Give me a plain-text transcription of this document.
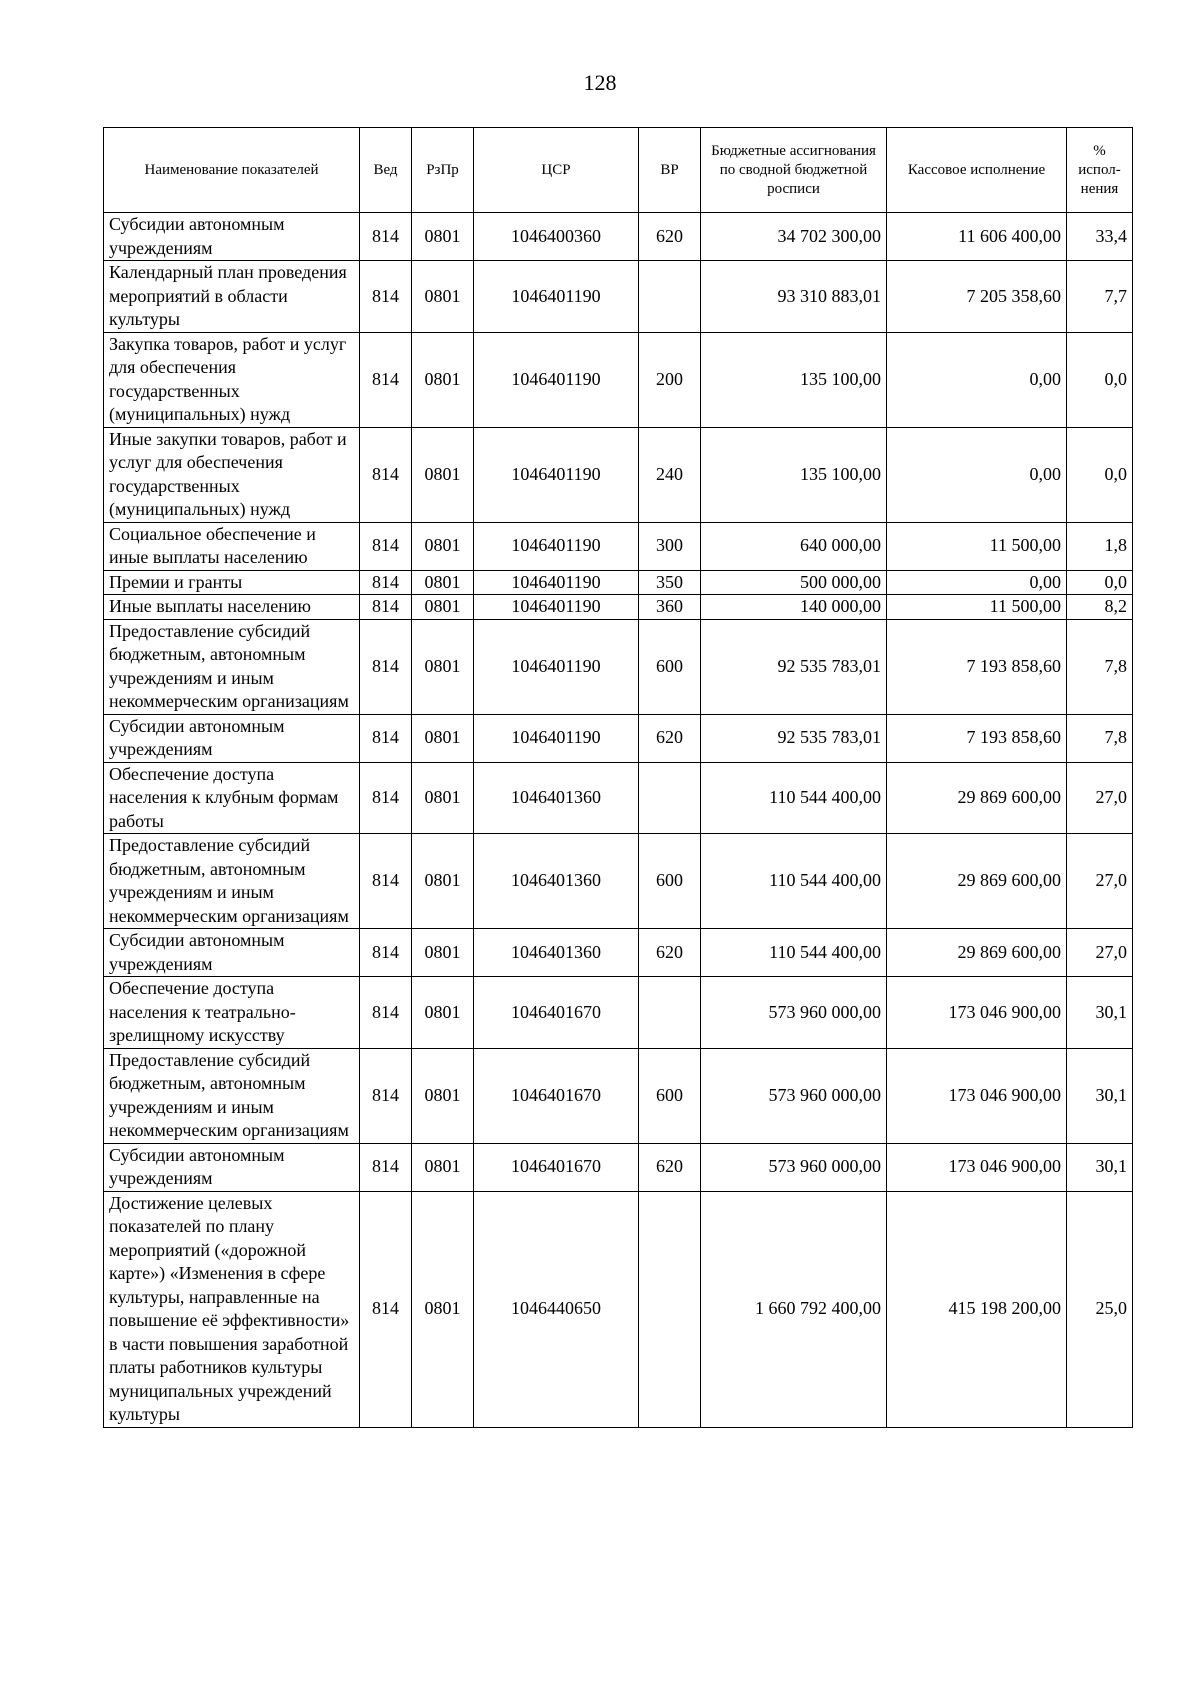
128
Наименование показателей	Вед	РзПр	ЦСР	ВР	Бюджетные ассигнования по сводной бюджетной росписи	Кассовое исполнение	% испол-нения
Субсидии автономным учреждениям	814	0801	1046400360	620	34 702 300,00	11 606 400,00	33,4
Календарный план проведения мероприятий в области культуры	814	0801	1046401190		93 310 883,01	7 205 358,60	7,7
Закупка товаров, работ и услуг для обеспечения государственных (муниципальных) нужд	814	0801	1046401190	200	135 100,00	0,00	0,0
Иные закупки товаров, работ и услуг для обеспечения государственных (муниципальных) нужд	814	0801	1046401190	240	135 100,00	0,00	0,0
Социальное обеспечение и иные выплаты населению	814	0801	1046401190	300	640 000,00	11 500,00	1,8
Премии и гранты	814	0801	1046401190	350	500 000,00	0,00	0,0
Иные выплаты населению	814	0801	1046401190	360	140 000,00	11 500,00	8,2
Предоставление субсидий бюджетным, автономным учреждениям и иным некоммерческим организациям	814	0801	1046401190	600	92 535 783,01	7 193 858,60	7,8
Субсидии автономным учреждениям	814	0801	1046401190	620	92 535 783,01	7 193 858,60	7,8
Обеспечение доступа населения к клубным формам работы	814	0801	1046401360		110 544 400,00	29 869 600,00	27,0
Предоставление субсидий бюджетным, автономным учреждениям и иным некоммерческим организациям	814	0801	1046401360	600	110 544 400,00	29 869 600,00	27,0
Субсидии автономным учреждениям	814	0801	1046401360	620	110 544 400,00	29 869 600,00	27,0
Обеспечение доступа населения к театрально-зрелищному искусству	814	0801	1046401670		573 960 000,00	173 046 900,00	30,1
Предоставление субсидий бюджетным, автономным учреждениям и иным некоммерческим организациям	814	0801	1046401670	600	573 960 000,00	173 046 900,00	30,1
Субсидии автономным учреждениям	814	0801	1046401670	620	573 960 000,00	173 046 900,00	30,1
Достижение целевых показателей по плану мероприятий («дорожной карте») «Изменения в сфере культуры, направленные на повышение её эффективности» в части повышения заработной платы работников культуры муниципальных учреждений культуры	814	0801	1046440650		1 660 792 400,00	415 198 200,00	25,0
